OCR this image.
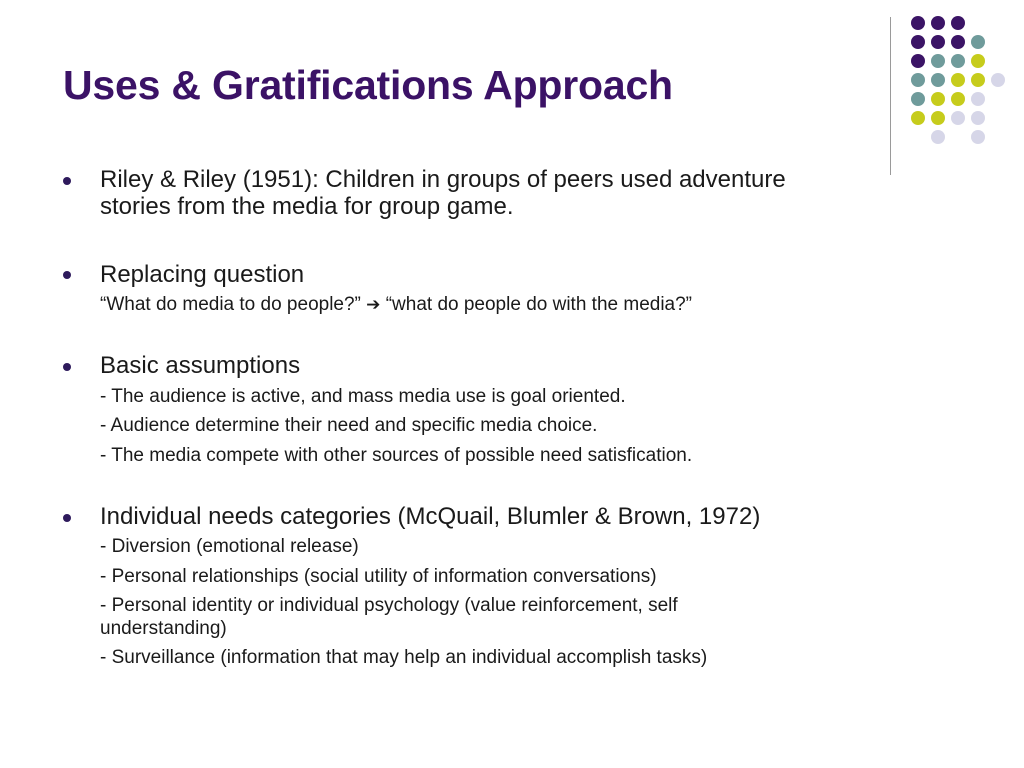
Uses & Gratifications Approach
Riley & Riley (1951): Children in groups of peers used adventure
stories from the media for group game.
Replacing question
“What do media to do people?” ➔ “what do people do with the media?”
Basic assumptions
- The audience is active, and mass media use is goal oriented.
- Audience determine their need and specific media choice.
- The media compete with other sources of possible need satisfication.
Individual needs categories (McQuail, Blumler & Brown, 1972)
- Diversion (emotional release)
- Personal relationships (social utility of information conversations)
- Personal identity or individual psychology (value reinforcement, self
understanding)
- Surveillance (information that may help an individual accomplish tasks)
